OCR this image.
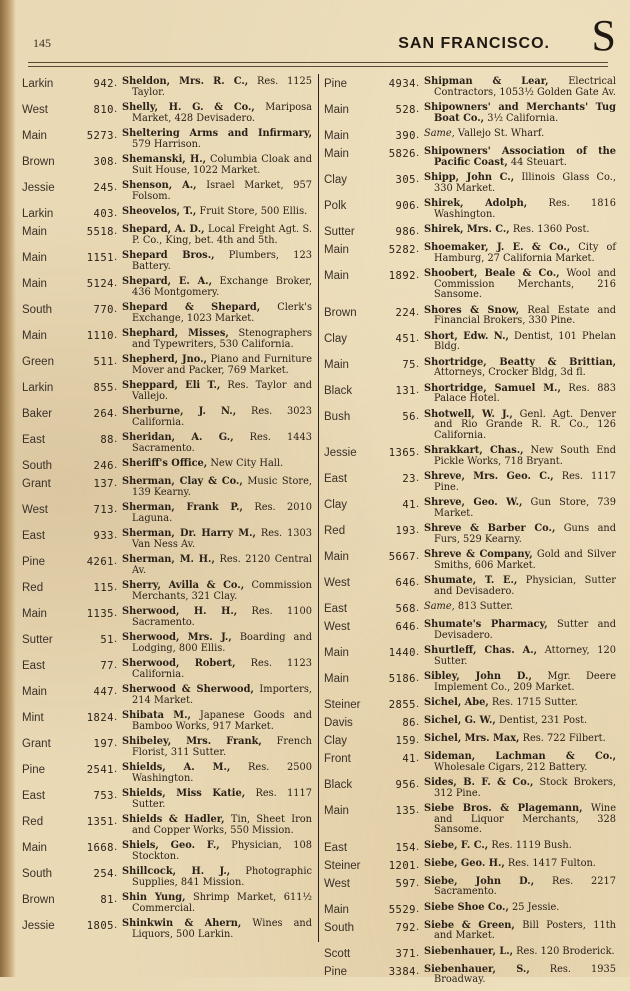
145	SAN FRANCISCO. S
Larkin	942 . Sheldon, Mrs. R. C., Res. 1125 Taylor.
West	810 . Shelly, H. G. & Co., Mariposa Market, 428 Devisadero.
Main	5273 . Sheltering Arms and Infirmary, 579 Harrison.
Brown	308 . Shemanski, H., Columbia Cloak and Suit House, 1022 Market.
Jessie	245 . Shenson, A., Israel Market, 957 Folsom.
Larkin	403 . Sheovelos, T., Fruit Store, 500 Ellis.
Main	5518 . Shepard, A. D., Local Freight Agt. S. P. Co., King, bet. 4th and 5th.
Main	1151 . Shepard Bros., Plumbers, 123 Battery.
Main	5124 . Shepard, E. A., Exchange Broker, 436 Montgomery.
South	770 . Shepard & Shepard, Clerk's Exchange, 1023 Market.
Main	1110 . Shephard, Misses, Stenographers and Typewriters, 530 California.
Green	511 . Shepherd, Jno., Piano and Furniture Mover and Packer, 769 Market.
Larkin	855 . Sheppard, Eli T., Res. Taylor and Vallejo.
Baker	264 . Sherburne, J. N., Res. 3023 California.
East	88 . Sheridan, A. G., Res. 1443 Sacramento.
South	246 . Sheriff's Office, New City Hall.
Grant	137 . Sherman, Clay & Co., Music Store, 139 Kearny.
West	713 . Sherman, Frank P., Res. 2010 Laguna.
East	933 . Sherman, Dr. Harry M., Res. 1303 Van Ness Av.
Pine	4261 . Sherman, M. H., Res. 2120 Central Av.
Red	115 . Sherry, Avilla & Co., Commission Merchants, 321 Clay.
Main	1135 . Sherwood, H. H., Res. 1100 Sacramento.
Sutter	51 . Sherwood, Mrs. J., Boarding and Lodging, 800 Ellis.
East	77 . Sherwood, Robert, Res. 1123 California.
Main	447 . Sherwood & Sherwood, Importers, 214 Market.
Mint	1824 . Shibata M., Japanese Goods and Bamboo Works, 917 Market.
Grant	197 . Shibeley, Mrs. Frank, French Florist, 311 Sutter.
Pine	2541 . Shields, A. M., Res. 2500 Washington.
East	753 . Shields, Miss Katie, Res. 1117 Sutter.
Red	1351 . Shields & Hadler, Tin, Sheet Iron and Copper Works, 550 Mission.
Main	1668 . Shiels, Geo. F., Physician, 108 Stockton.
South	254 . Shillcock, H. J., Photographic Supplies, 841 Mission.
Brown	81 . Shin Yung, Shrimp Market, 611½ Commercial.
Jessie	1805 . Shinkwin & Ahern, Wines and Liquors, 500 Larkin.
Pine	4934 . Shipman & Lear, Electrical Contractors, 1053½ Golden Gate Av.
Main	528 . Shipowners' and Merchants' Tug Boat Co., 3½ California.
Main	390 . Same, Vallejo St. Wharf.
Main	5826 . Shipowners' Association of the Pacific Coast, 44 Steuart.
Clay	305 . Shipp, John C., Illinois Glass Co., 330 Market.
Polk	906 . Shirek, Adolph, Res. 1816 Washington.
Sutter	986 . Shirek, Mrs. C., Res. 1360 Post.
Main	5282 . Shoemaker, J. E. & Co., City of Hamburg, 27 California Market.
Main	1892 . Shoobert, Beale & Co., Wool and Commission Merchants, 216 Sansome.
Brown	224 . Shores & Snow, Real Estate and Financial Brokers, 330 Pine.
Clay	451 . Short, Edw. N., Dentist, 101 Phelan Bldg.
Main	75 . Shortridge, Beatty & Brittian, Attorneys, Crocker Bldg, 3d fl.
Black	131 . Shortridge, Samuel M., Res. 883 Palace Hotel.
Bush	56 . Shotwell, W. J., Genl. Agt. Denver and Rio Grande R. R. Co., 126 California.
Jessie	1365 . Shrakkart, Chas., New South End Pickle Works, 718 Bryant.
East	23 . Shreve, Mrs. Geo. C., Res. 1117 Pine.
Clay	41 . Shreve, Geo. W., Gun Store, 739 Market.
Red	193 . Shreve & Barber Co., Guns and Furs, 529 Kearny.
Main	5667 . Shreve & Company, Gold and Silver Smiths, 606 Market.
West	646 . Shumate, T. E., Physician, Sutter and Devisadero.
East	568 . Same, 813 Sutter.
West	646 . Shumate's Pharmacy, Sutter and Devisadero.
Main	1440 . Shurtleff, Chas. A., Attorney, 120 Sutter.
Main	5186 . Sibley, John D., Mgr. Deere Implement Co., 209 Market.
Steiner	2855 . Sichel, Abe, Res. 1715 Sutter.
Davis	86 . Sichel, G. W., Dentist, 231 Post.
Clay	159 . Sichel, Mrs. Max, Res. 722 Filbert.
Front	41 . Sideman, Lachman & Co., Wholesale Cigars, 212 Battery.
Black	956 . Sides, B. F. & Co., Stock Brokers, 312 Pine.
Main	135 . Siebe Bros. & Plagemann, Wine and Liquor Merchants, 328 Sansome.
East	154 . Siebe, F. C., Res. 1119 Bush.
Steiner	1201 . Siebe, Geo. H., Res. 1417 Fulton.
West	597 . Siebe, John D., Res. 2217 Sacramento.
Main	5529 . Siebe Shoe Co., 25 Jessie.
South	792 . Siebe & Green, Bill Posters, 11th and Market.
Scott	371 . Siebenhauer, L., Res. 120 Broderick.
Pine	3384 . Siebenhauer, S., Res. 1935 Broadway.
